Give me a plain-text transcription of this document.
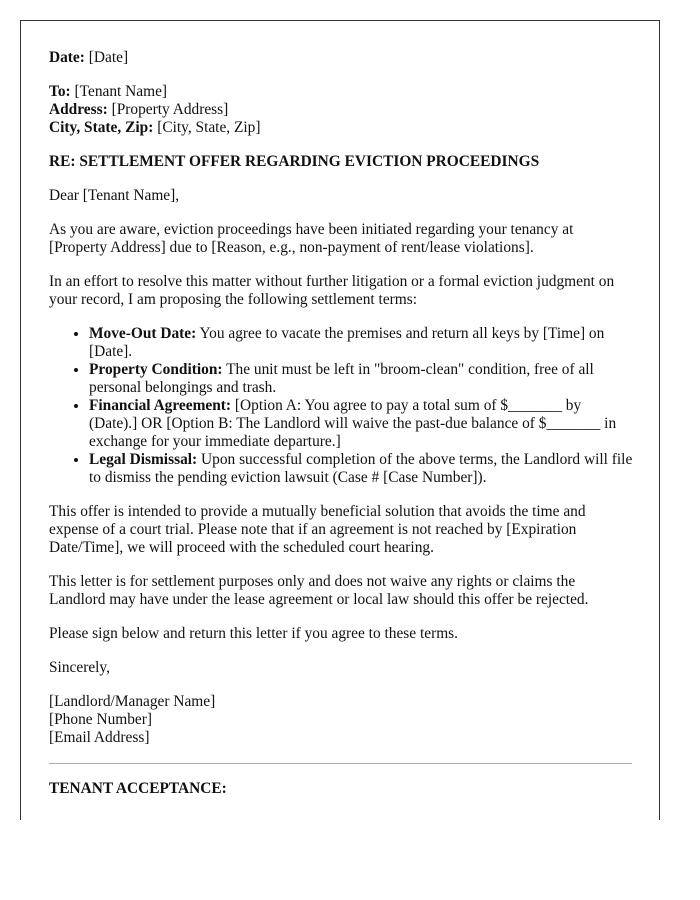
Date: [Date]
To: [Tenant Name]
Address: [Property Address]
City, State, Zip: [City, State, Zip]

RE: SETTLEMENT OFFER REGARDING EVICTION PROCEEDINGS

Dear [Tenant Name],

As you are aware, eviction proceedings have been initiated regarding your tenancy at [Property Address] due to [Reason, e.g., non-payment of rent/lease violations].

In an effort to resolve this matter without further litigation or a formal eviction judgment on your record, I am proposing the following settlement terms:

• Move-Out Date: You agree to vacate the premises and return all keys by [Time] on [Date].
• Property Condition: The unit must be left in "broom-clean" condition, free of all personal belongings and trash.
• Financial Agreement: [Option A: You agree to pay a total sum of $_______ by (Date).] OR [Option B: The Landlord will waive the past-due balance of $_______ in exchange for your immediate departure.]
• Legal Dismissal: Upon successful completion of the above terms, the Landlord will file to dismiss the pending eviction lawsuit (Case # [Case Number]).

This offer is intended to provide a mutually beneficial solution that avoids the time and expense of a court trial. Please note that if an agreement is not reached by [Expiration Date/Time], we will proceed with the scheduled court hearing.

This letter is for settlement purposes only and does not waive any rights or claims the Landlord may have under the lease agreement or local law should this offer be rejected.

Please sign below and return this letter if you agree to these terms.

Sincerely,

[Landlord/Manager Name]
[Phone Number]
[Email Address]

TENANT ACCEPTANCE:
